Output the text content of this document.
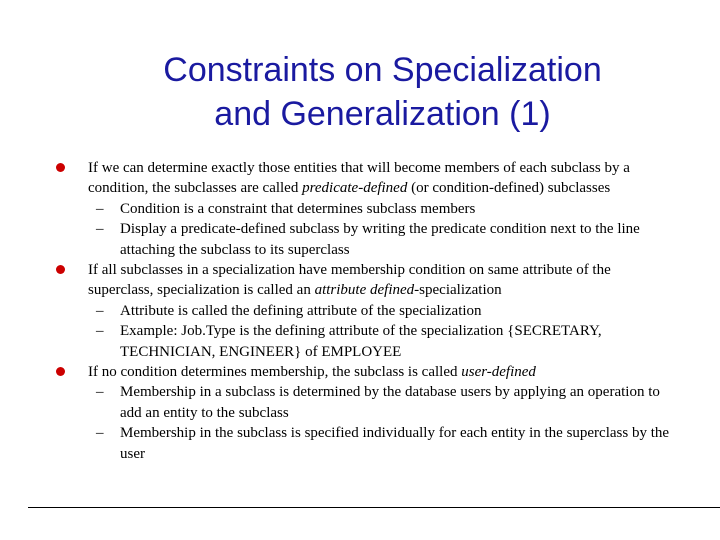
Constraints on Specialization
and Generalization (1)
If we can determine exactly those entities that will become members of each subclass by a condition, the subclasses are called predicate-defined (or condition-defined) subclasses
– Condition is a constraint that determines subclass members
– Display a predicate-defined subclass by writing the predicate condition next to the line attaching the subclass to its superclass
If all subclasses in a specialization have membership condition on same attribute of the superclass, specialization is called an attribute defined-specialization
– Attribute is called the defining attribute of the specialization
– Example: Job.Type is the defining attribute of the specialization {SECRETARY, TECHNICIAN, ENGINEER} of EMPLOYEE
If no condition determines membership, the subclass is called user-defined
– Membership in a subclass is determined by the database users by applying an operation to add an entity to the subclass
– Membership in the subclass is specified individually for each entity in the superclass by the user
